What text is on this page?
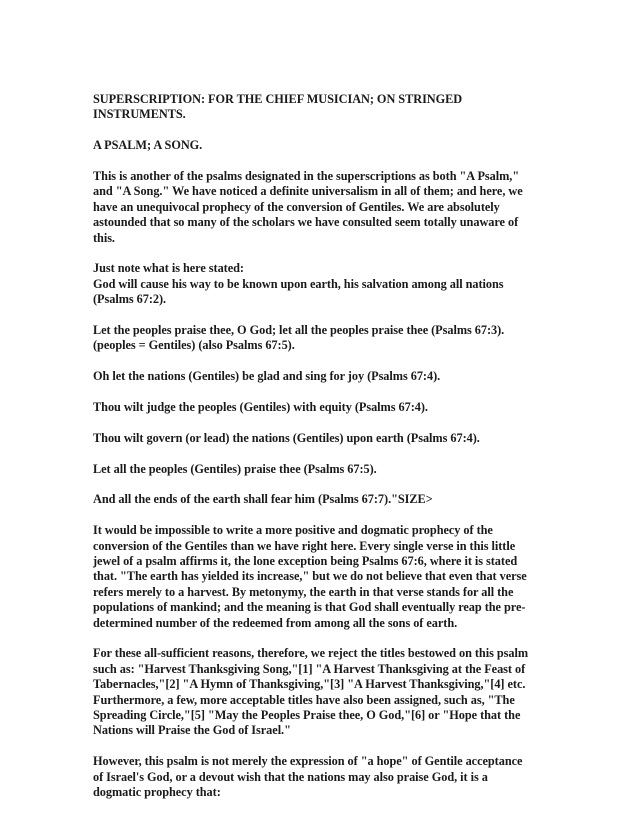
SUPERSCRIPTION: FOR THE CHIEF MUSICIAN; ON STRINGED
INSTRUMENTS.

A PSALM; A SONG.

This is another of the psalms designated in the superscriptions as both "A Psalm,"
and "A Song." We have noticed a definite universalism in all of them; and here, we
have an unequivocal prophecy of the conversion of Gentiles. We are absolutely
astounded that so many of the scholars we have consulted seem totally unaware of
this.

Just note what is here stated:
God will cause his way to be known upon earth, his salvation among all nations
(Psalms 67:2).

Let the peoples praise thee, O God; let all the peoples praise thee (Psalms 67:3).
(peoples = Gentiles) (also Psalms 67:5).

Oh let the nations (Gentiles) be glad and sing for joy (Psalms 67:4).

Thou wilt judge the peoples (Gentiles) with equity (Psalms 67:4).

Thou wilt govern (or lead) the nations (Gentiles) upon earth (Psalms 67:4).

Let all the peoples (Gentiles) praise thee (Psalms 67:5).

And all the ends of the earth shall fear him (Psalms 67:7)."SIZE>

It would be impossible to write a more positive and dogmatic prophecy of the
conversion of the Gentiles than we have right here. Every single verse in this little
jewel of a psalm affirms it, the lone exception being Psalms 67:6, where it is stated
that. "The earth has yielded its increase," but we do not believe that even that verse
refers merely to a harvest. By metonymy, the earth in that verse stands for all the
populations of mankind; and the meaning is that God shall eventually reap the pre-
determined number of the redeemed from among all the sons of earth.

For these all-sufficient reasons, therefore, we reject the titles bestowed on this psalm
such as: "Harvest Thanksgiving Song,"[1] "A Harvest Thanksgiving at the Feast of
Tabernacles,"[2] "A Hymn of Thanksgiving,"[3] "A Harvest Thanksgiving,"[4] etc.
Furthermore, a few, more acceptable titles have also been assigned, such as, "The
Spreading Circle,"[5] "May the Peoples Praise thee, O God,"[6] or "Hope that the
Nations will Praise the God of Israel."

However, this psalm is not merely the expression of "a hope" of Gentile acceptance
of Israel's God, or a devout wish that the nations may also praise God, it is a
dogmatic prophecy that:
